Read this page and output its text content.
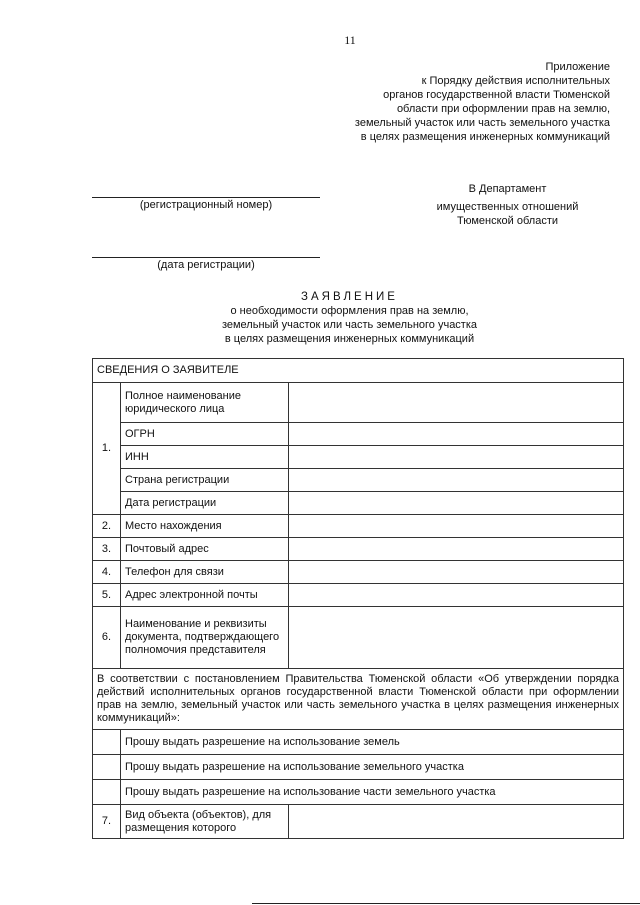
11
Приложение
к Порядку действия исполнительных
органов государственной власти Тюменской
области при оформлении прав на землю,
земельный участок или часть земельного участка
в целях размещения инженерных коммуникаций
(регистрационный номер)
(дата регистрации)
В Департамент
имущественных отношений
Тюменской области
ЗАЯВЛЕНИЕ
о необходимости оформления прав на землю,
земельный участок или часть земельного участка
в целях размещения инженерных коммуникаций
СВЕДЕНИЯ О ЗАЯВИТЕЛЕ		
1.	Полное наименование юридического лица	
	ОГРН	
	ИНН	
	Страна регистрации	
	Дата регистрации	
2.	Место нахождения	
3.	Почтовый адрес	
4.	Телефон для связи	
5.	Адрес электронной почты	
6.	Наименование и реквизиты документа, подтверждающего полномочия представителя	
В соответствии с постановлением Правительства Тюменской области «Об утверждении порядка действий исполнительных органов государственной власти Тюменской области при оформлении прав на землю, земельный участок или часть земельного участка в целях размещения инженерных коммуникаций»:		
	Прошу выдать разрешение на использование земель	
	Прошу выдать разрешение на использование земельного участка	
	Прошу выдать разрешение на использование части земельного участка	
7.	Вид объекта (объектов), для размещения которого	
